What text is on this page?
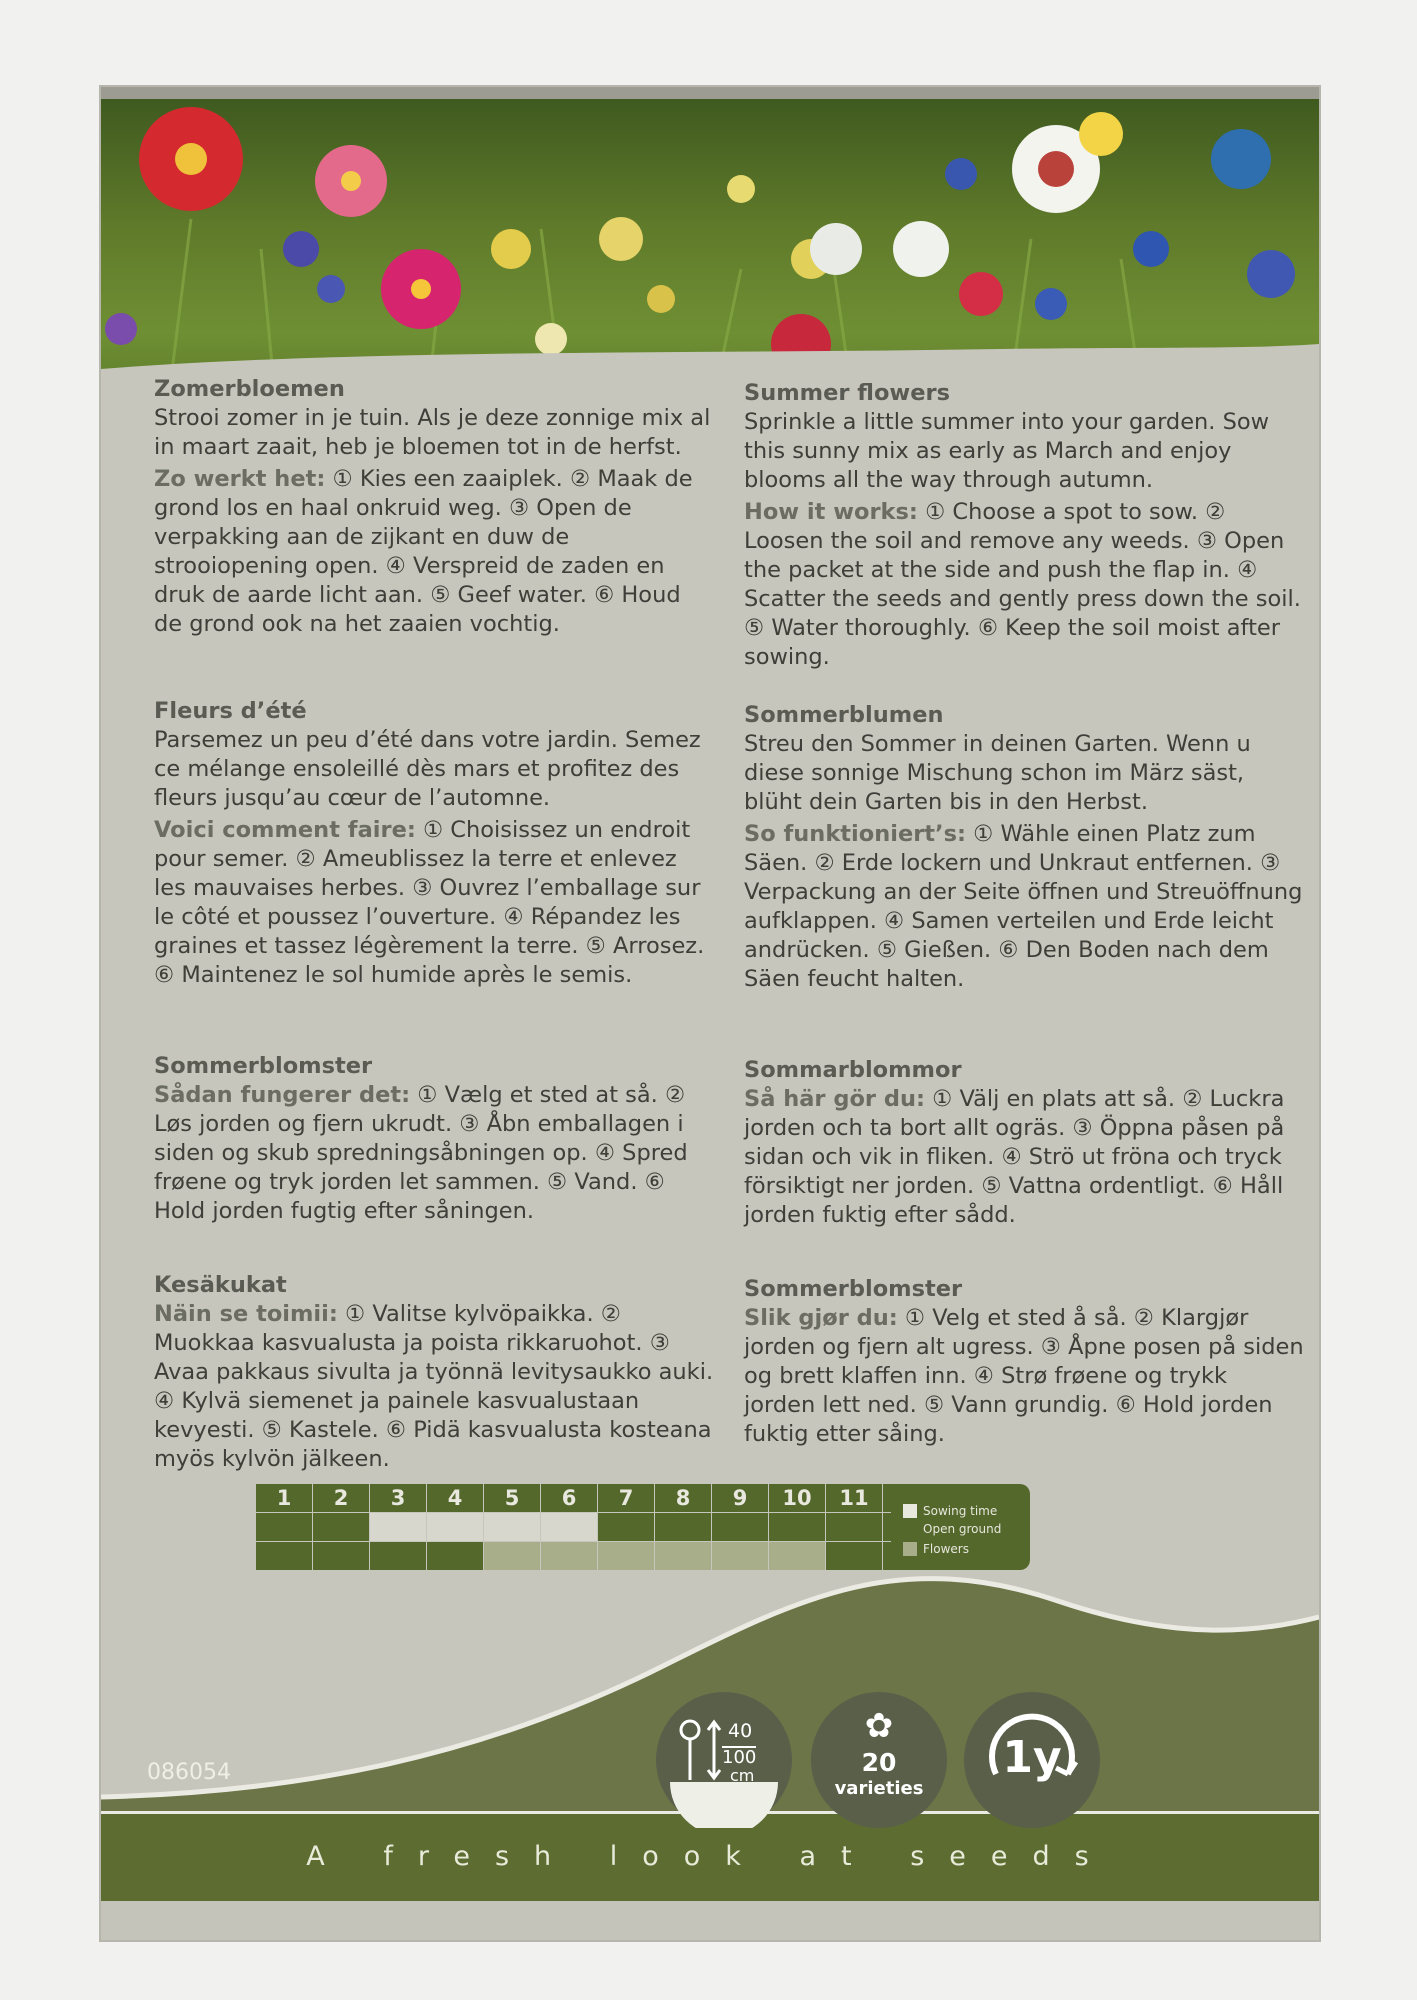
Zomerbloemen
Strooi zomer in je tuin. Als je deze zonnige mix al in maart zaait, heb je bloemen tot in de herfst.

Zo werkt het: ① Kies een zaaiplek. ② Maak de grond los en haal onkruid weg. ③ Open de verpakking aan de zijkant en duw de strooiopening open. ④ Verspreid de zaden en druk de aarde licht aan. ⑤ Geef water. ⑥ Houd de grond ook na het zaaien vochtig.

Summer flowers
Sprinkle a little summer into your garden. Sow this sunny mix as early as March and enjoy blooms all the way through autumn.

How it works: ① Choose a spot to sow. ② Loosen the soil and remove any weeds. ③ Open the packet at the side and push the flap in. ④ Scatter the seeds and gently press down the soil. ⑤ Water thoroughly. ⑥ Keep the soil moist after sowing.

Fleurs d’été
Parsemez un peu d’été dans votre jardin. Semez ce mélange ensoleillé dès mars et profitez des fleurs jusqu’au cœur de l’automne.

Voici comment faire: ① Choisissez un endroit pour semer. ② Ameublissez la terre et enlevez les mauvaises herbes. ③ Ouvrez l’emballage sur le côté et poussez l’ouverture. ④ Répandez les graines et tassez légèrement la terre. ⑤ Arrosez. ⑥ Maintenez le sol humide après le semis.

Sommerblumen
Streu den Sommer in deinen Garten. Wenn u diese sonnige Mischung schon im März säst, blüht dein Garten bis in den Herbst.

So funktioniert’s: ① Wähle einen Platz zum Säen. ② Erde lockern und Unkraut entfernen. ③ Verpackung an der Seite öffnen und Streuöffnung aufklappen. ④ Samen verteilen und Erde leicht andrücken. ⑤ Gießen. ⑥ Den Boden nach dem Säen feucht halten.

Sommerblomster
Sådan fungerer det: ① Vælg et sted at så. ② Løs jorden og fjern ukrudt. ③ Åbn emballagen i siden og skub spredningsåbningen op. ④ Spred frøene og tryk jorden let sammen. ⑤ Vand. ⑥ Hold jorden fugtig efter såningen.

Sommarblommor
Så här gör du: ① Välj en plats att så. ② Luckra jorden och ta bort allt ogräs. ③ Öppna påsen på sidan och vik in fliken. ④ Strö ut fröna och tryck försiktigt ner jorden. ⑤ Vattna ordentligt. ⑥ Håll jorden fuktig efter sådd.

Kesäkukat
Näin se toimii: ① Valitse kylvöpaikka. ② Muokkaa kasvualusta ja poista rikkaruohot. ③ Avaa pakkaus sivulta ja työnnä levitysaukko auki. ④ Kylvä siemenet ja painele kasvualustaan kevyesti. ⑤ Kastele. ⑥ Pidä kasvualusta kosteana myös kylvön jälkeen.

Sommerblomster
Slik gjør du: ① Velg et sted å så. ② Klargjør jorden og fjern alt ugress. ③ Åpne posen på siden og brett klaffen inn. ④ Strø frøene og trykk jorden lett ned. ⑤ Vann grundig. ⑥ Hold jorden fuktig etter såing.

1	2	3	4	5	6	7	8	9	10	11
Sowing time
Open ground
Flowers
40
100
cm
✿
20
varieties
1y
086054
A fresh look at seeds
